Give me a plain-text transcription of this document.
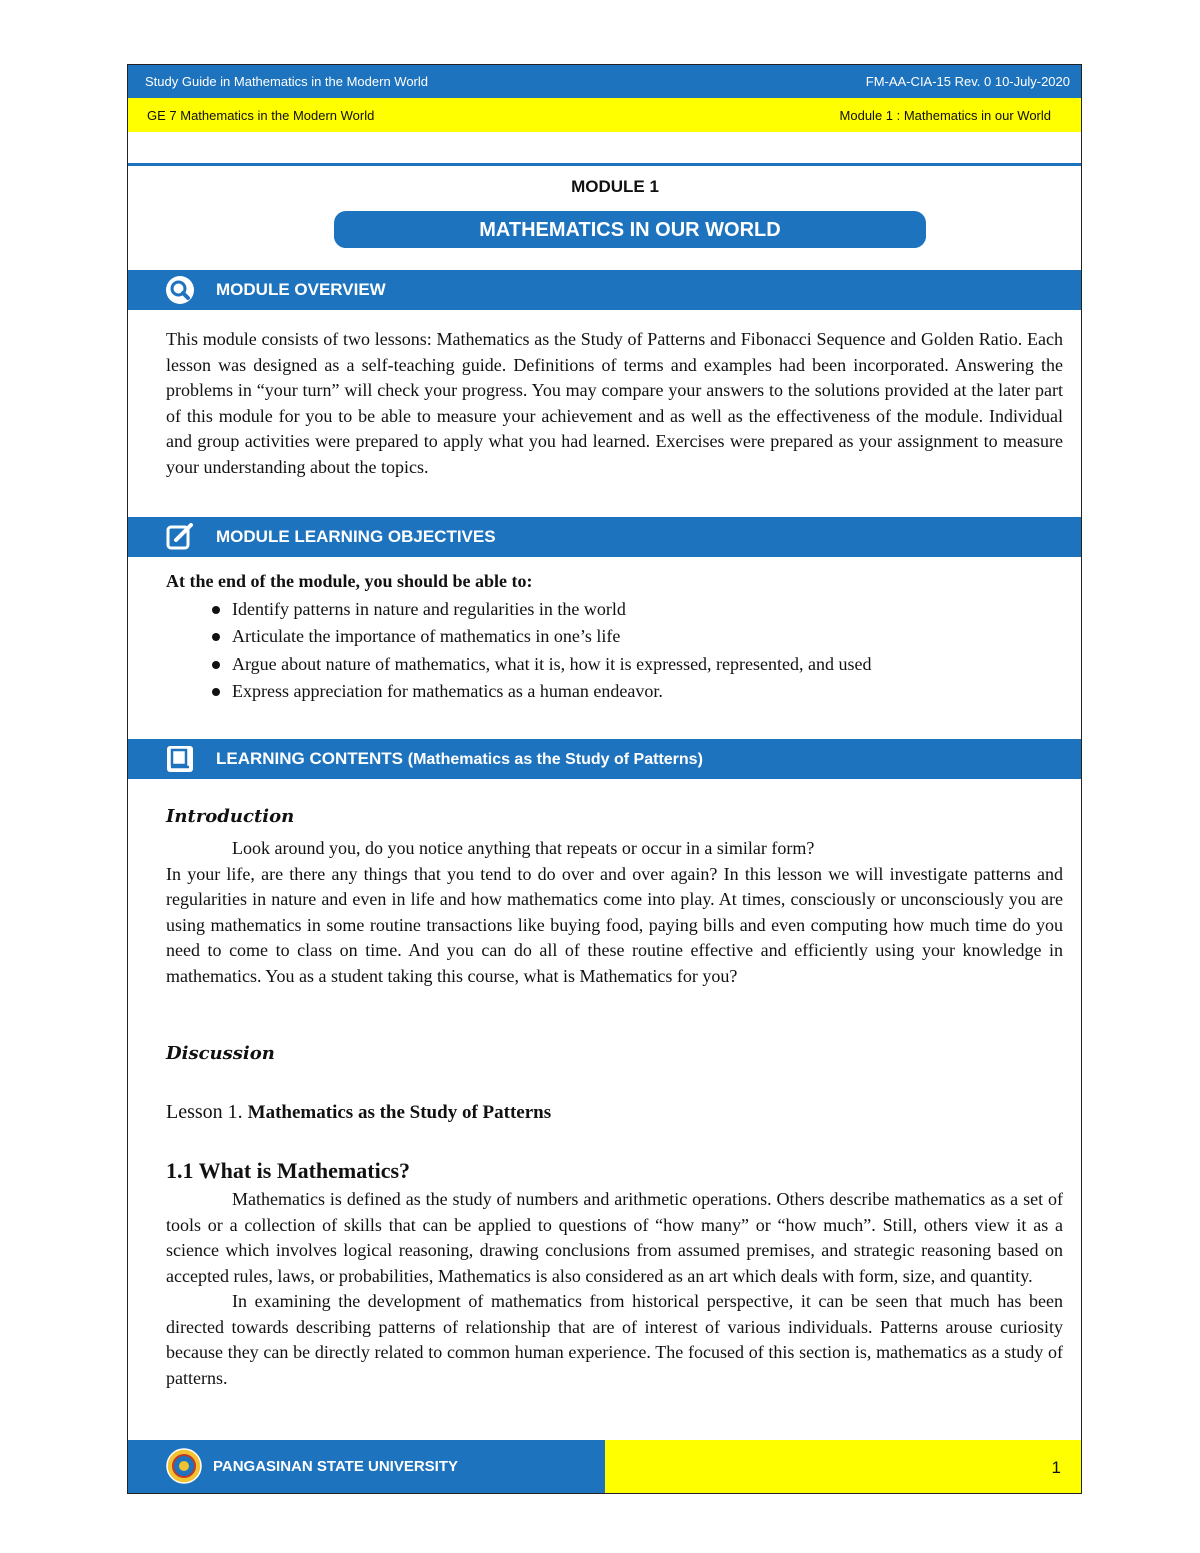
Study Guide in Mathematics in the Modern World	FM-AA-CIA-15 Rev. 0 10-July-2020
GE 7 Mathematics in the Modern World	Module 1 : Mathematics in our World
MODULE 1
MATHEMATICS IN OUR WORLD
MODULE OVERVIEW

This module consists of two lessons: Mathematics as the Study of Patterns and Fibonacci Sequence and Golden Ratio. Each lesson was designed as a self-teaching guide. Definitions of terms and examples had been incorporated. Answering the problems in “your turn” will check your progress. You may compare your answers to the solutions provided at the later part of this module for you to be able to measure your achievement and as well as the effectiveness of the module. Individual and group activities were prepared to apply what you had learned. Exercises were prepared as your assignment to measure your understanding about the topics.

MODULE LEARNING OBJECTIVES
At the end of the module, you should be able to:
Identify patterns in nature and regularities in the world
Articulate the importance of mathematics in one’s life
Argue about nature of mathematics, what it is, how it is expressed, represented, and used
Express appreciation for mathematics as a human endeavor.
LEARNING CONTENTS (Mathematics as the Study of Patterns)
Introduction

Look around you, do you notice anything that repeats or occur in a similar form?

In your life, are there any things that you tend to do over and over again? In this lesson we will investigate patterns and regularities in nature and even in life and how mathematics come into play. At times, consciously or unconsciously you are using mathematics in some routine transactions like buying food, paying bills and even computing how much time do you need to come to class on time. And you can do all of these routine effective and efficiently using your knowledge in mathematics. You as a student taking this course, what is Mathematics for you?

Discussion
Lesson 1. Mathematics as the Study of Patterns
1.1 What is Mathematics?

Mathematics is defined as the study of numbers and arithmetic operations. Others describe mathematics as a set of tools or a collection of skills that can be applied to questions of “how many” or “how much”. Still, others view it as a science which involves logical reasoning, drawing conclusions from assumed premises, and strategic reasoning based on accepted rules, laws, or probabilities, Mathematics is also considered as an art which deals with form, size, and quantity.

In examining the development of mathematics from historical perspective, it can be seen that much has been directed towards describing patterns of relationship that are of interest of various individuals. Patterns arouse curiosity because they can be directly related to common human experience. The focused of this section is, mathematics as a study of patterns.

PANGASINAN STATE UNIVERSITY	1
